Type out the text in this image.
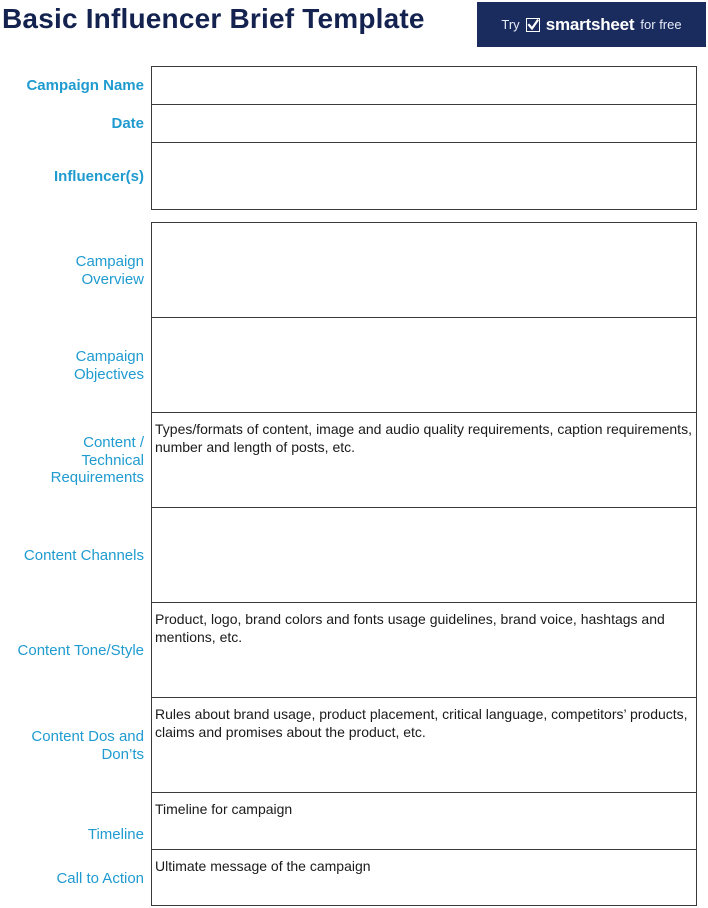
Basic Influencer Brief Template	Try smartsheet for free
Campaign Name
Date
Influencer(s)
Campaign Overview
Campaign Objectives
Content / Technical Requirements
Types/formats of content, image and audio quality requirements, caption requirements, number and length of posts, etc.
Content Channels
Content Tone/Style
Product, logo, brand colors and fonts usage guidelines, brand voice, hashtags and mentions, etc.
Content Dos and Don’ts
Rules about brand usage, product placement, critical language, competitors’ products, claims and promises about the product, etc.
Timeline
Timeline for campaign
Call to Action
Ultimate message of the campaign
